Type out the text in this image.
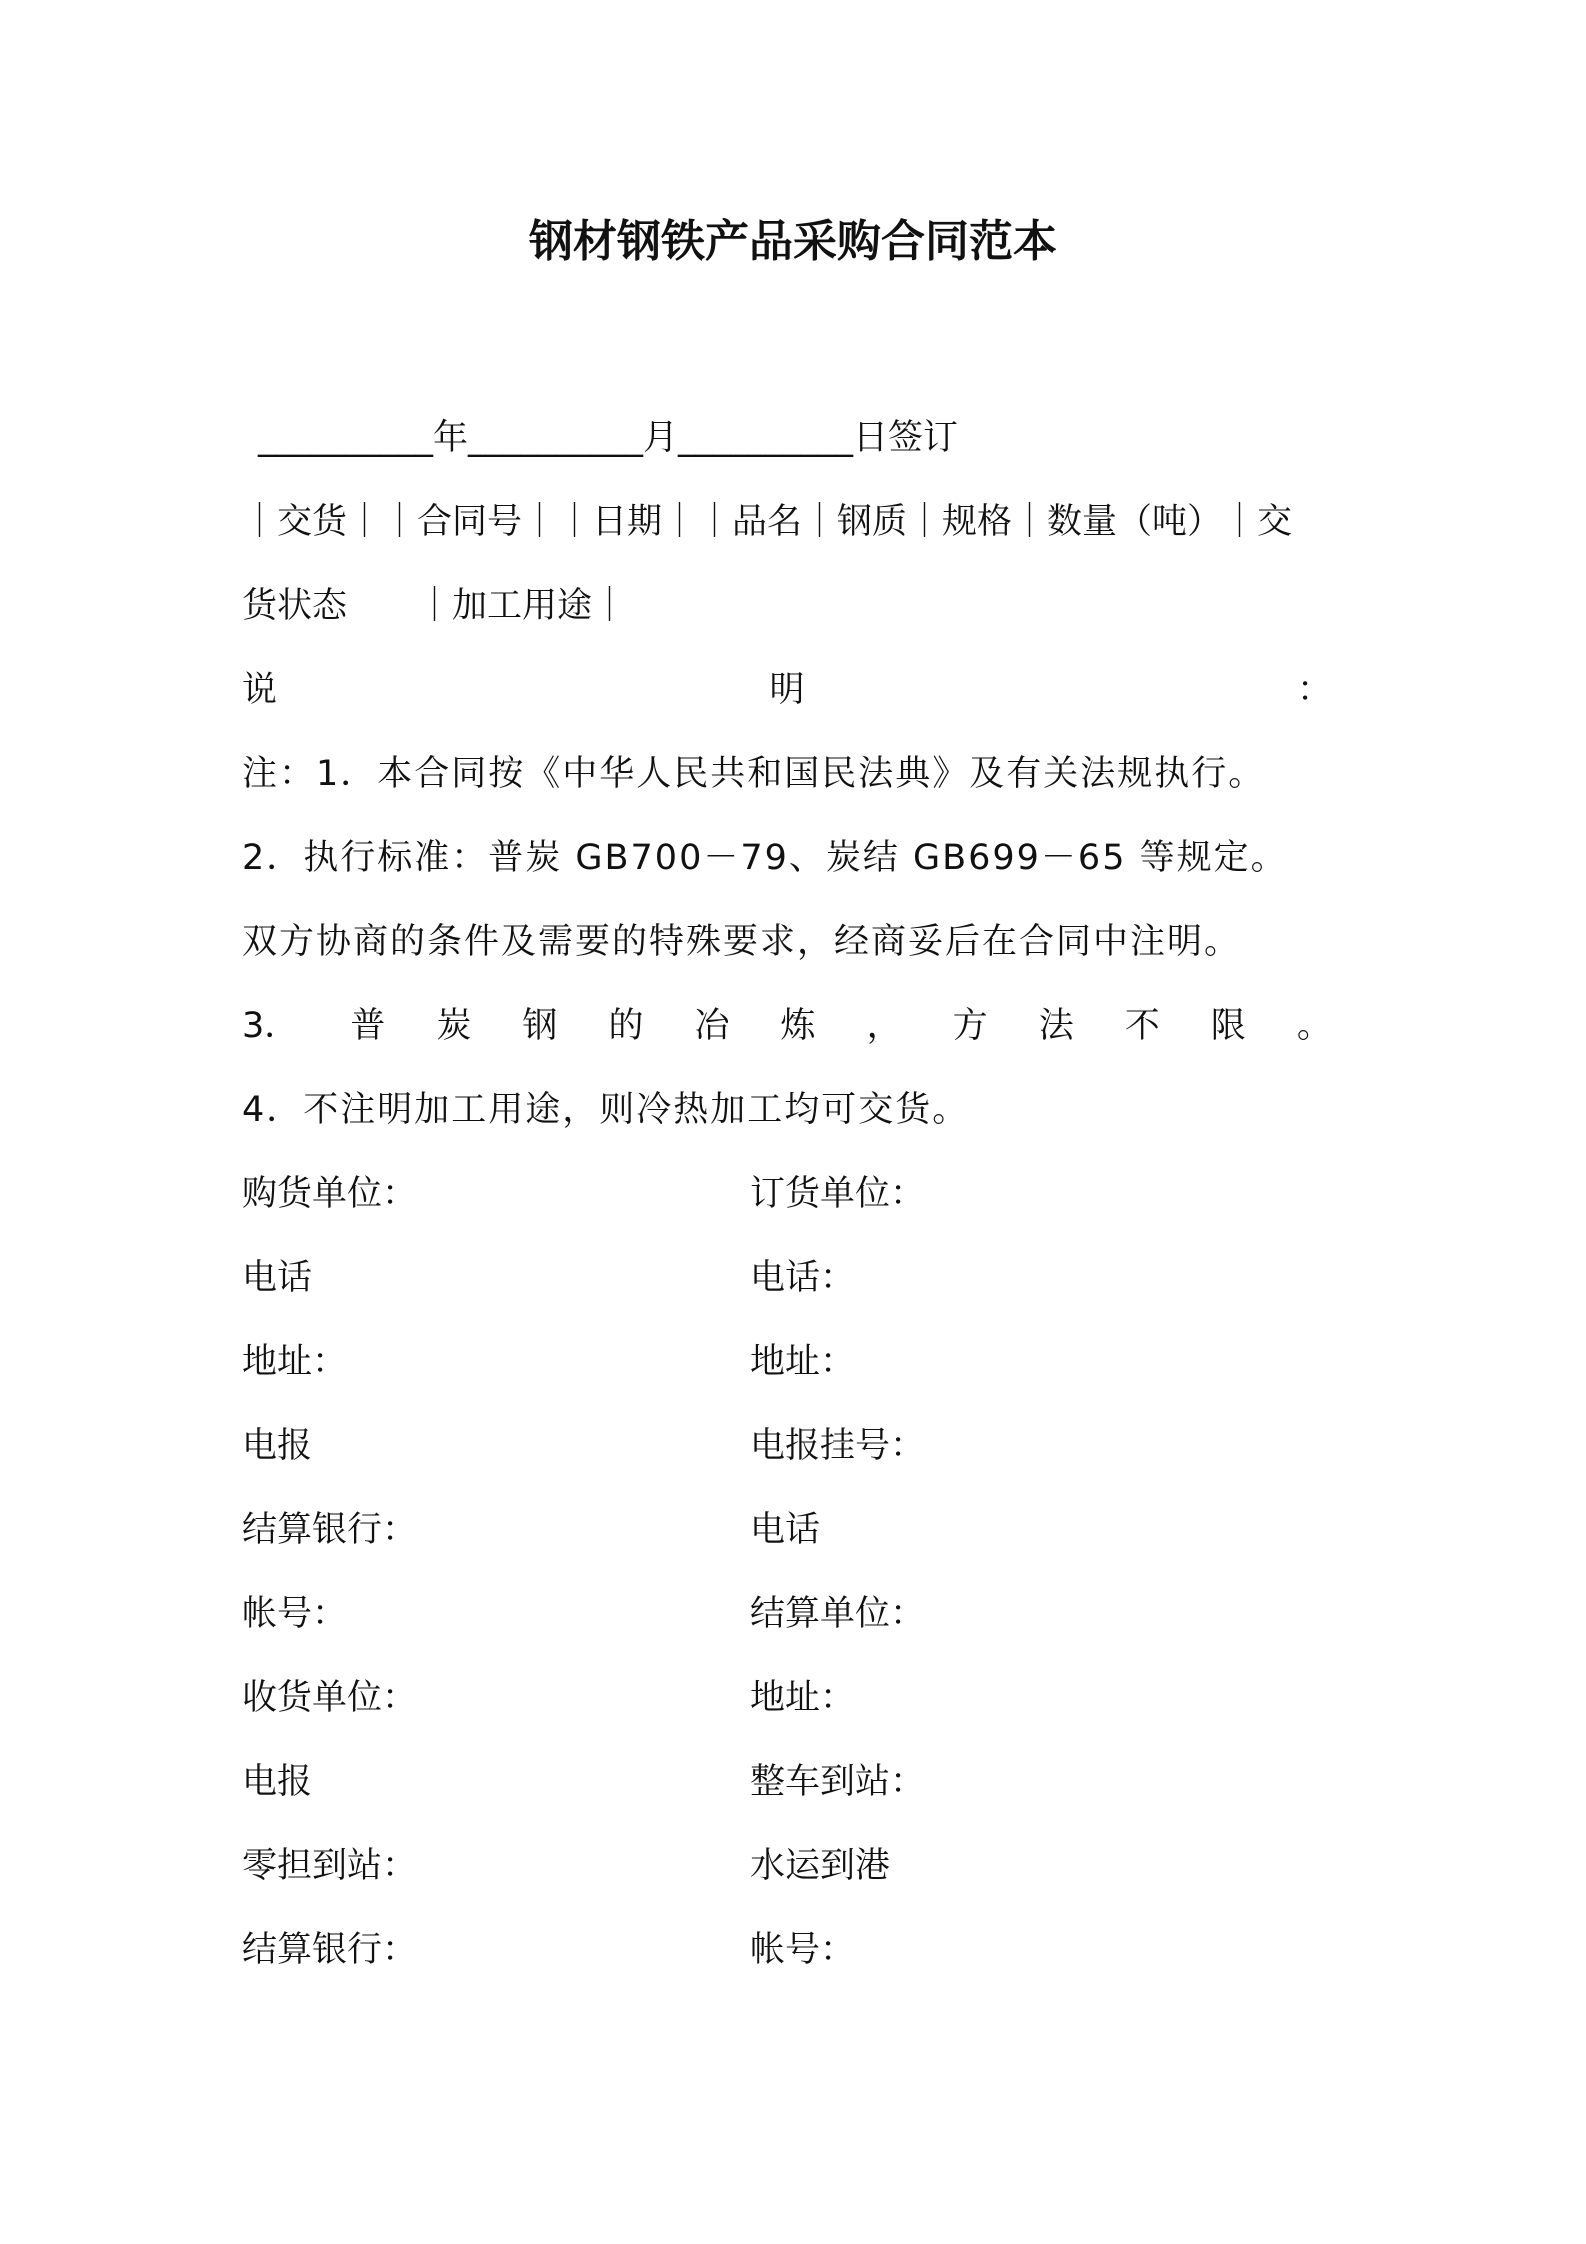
钢材钢铁产品采购合同范本
__________年__________月__________日签订
｜交货｜｜合同号｜｜日期｜｜品名｜钢质｜规格｜数量（吨）｜交
货状态　　｜加工用途｜
说	明	：
注：1．本合同按《中华人民共和国民法典》及有关法规执行。
2．执行标准：普炭 GB700－79、炭结 GB699－65 等规定。
双方协商的条件及需要的特殊要求，经商妥后在合同中注明。
3． 普 炭 钢 的 冶 炼 ， 方 法 不 限 。
4．不注明加工用途，则冷热加工均可交货。
购货单位：	订货单位：
电话	电话：
地址：	地址：
电报	电报挂号：
结算银行：	电话
帐号：	结算单位：
收货单位：	地址：
电报	整车到站：
零担到站：	水运到港
结算银行：	帐号：
